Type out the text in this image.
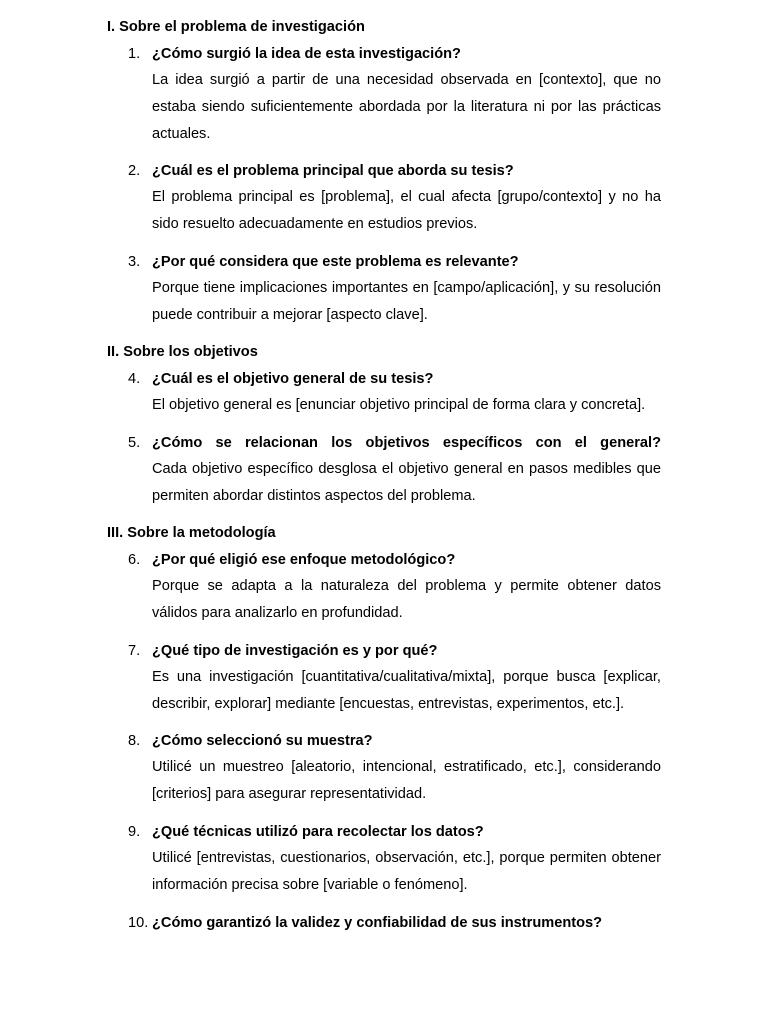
I. Sobre el problema de investigación
1. ¿Cómo surgió la idea de esta investigación?
La idea surgió a partir de una necesidad observada en [contexto], que no estaba siendo suficientemente abordada por la literatura ni por las prácticas actuales.
2. ¿Cuál es el problema principal que aborda su tesis?
El problema principal es [problema], el cual afecta [grupo/contexto] y no ha sido resuelto adecuadamente en estudios previos.
3. ¿Por qué considera que este problema es relevante?
Porque tiene implicaciones importantes en [campo/aplicación], y su resolución puede contribuir a mejorar [aspecto clave].
II. Sobre los objetivos
4. ¿Cuál es el objetivo general de su tesis?
El objetivo general es [enunciar objetivo principal de forma clara y concreta].
5. ¿Cómo se relacionan los objetivos específicos con el general?
Cada objetivo específico desglosa el objetivo general en pasos medibles que permiten abordar distintos aspectos del problema.
III. Sobre la metodología
6. ¿Por qué eligió ese enfoque metodológico?
Porque se adapta a la naturaleza del problema y permite obtener datos válidos para analizarlo en profundidad.
7. ¿Qué tipo de investigación es y por qué?
Es una investigación [cuantitativa/cualitativa/mixta], porque busca [explicar, describir, explorar] mediante [encuestas, entrevistas, experimentos, etc.].
8. ¿Cómo seleccionó su muestra?
Utilicé un muestreo [aleatorio, intencional, estratificado, etc.], considerando [criterios] para asegurar representatividad.
9. ¿Qué técnicas utilizó para recolectar los datos?
Utilicé [entrevistas, cuestionarios, observación, etc.], porque permiten obtener información precisa sobre [variable o fenómeno].
10. ¿Cómo garantizó la validez y confiabilidad de sus instrumentos?
